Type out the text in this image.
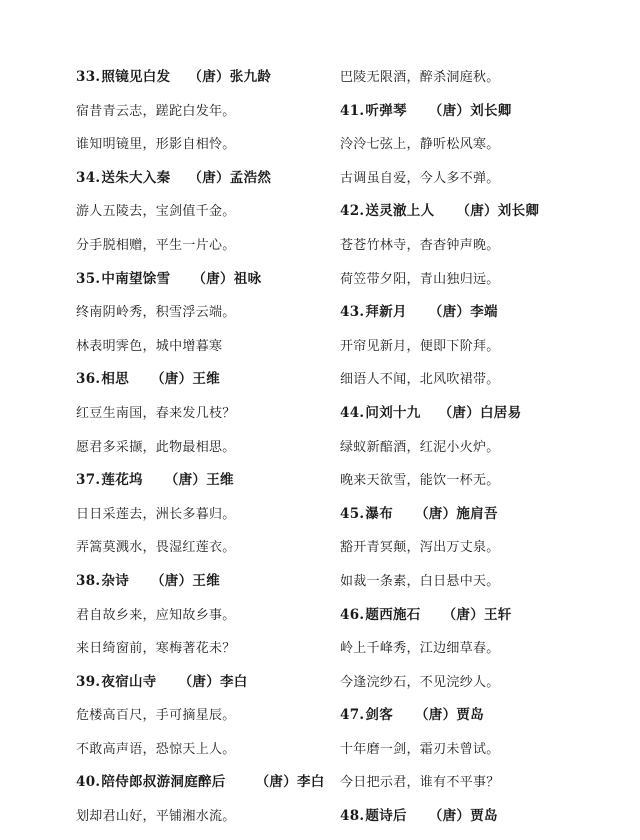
33.照镜见白发 （唐）张九龄
宿昔青云志，蹉跎白发年。
谁知明镜里，形影自相怜。
34.送朱大入秦 （唐）孟浩然
游人五陵去，宝剑值千金。
分手脱相赠，平生一片心。
35.中南望馀雪 （唐）祖咏
终南阴岭秀，积雪浮云端。
林表明霁色，城中增暮寒
36.相思 （唐）王维
红豆生南国，春来发几枝？
愿君多采撷，此物最相思。
37.莲花坞 （唐）王维
日日采莲去，洲长多暮归。
弄篙莫溅水，畏湿红莲衣。
38.杂诗 （唐）王维
君自故乡来，应知故乡事。
来日绮窗前，寒梅著花未？
39.夜宿山寺 （唐）李白
危楼高百尺，手可摘星辰。
不敢高声语，恐惊天上人。
40.陪侍郎叔游洞庭醉后 （唐）李白
划却君山好，平铺湘水流。
巴陵无限酒，醉杀洞庭秋。
41.听弹琴 （唐）刘长卿
泠泠七弦上，静听松风寒。
古调虽自爱，今人多不弹。
42.送灵澈上人 （唐）刘长卿
苍苍竹林寺，杳杳钟声晚。
荷笠带夕阳，青山独归远。
43.拜新月 （唐）李端
开帘见新月，便即下阶拜。
细语人不闻，北风吹裙带。
44.问刘十九 （唐）白居易
绿蚁新醅酒，红泥小火炉。
晚来天欲雪，能饮一杯无。
45.瀑布 （唐）施肩吾
豁开青冥颠，泻出万丈泉。
如裁一条素，白日悬中天。
46.题西施石 （唐）王轩
岭上千峰秀，江边细草春。
今逢浣纱石，不见浣纱人。
47.剑客 （唐）贾岛
十年磨一剑，霜刃未曾试。
今日把示君，谁有不平事？
48.题诗后 （唐）贾岛
